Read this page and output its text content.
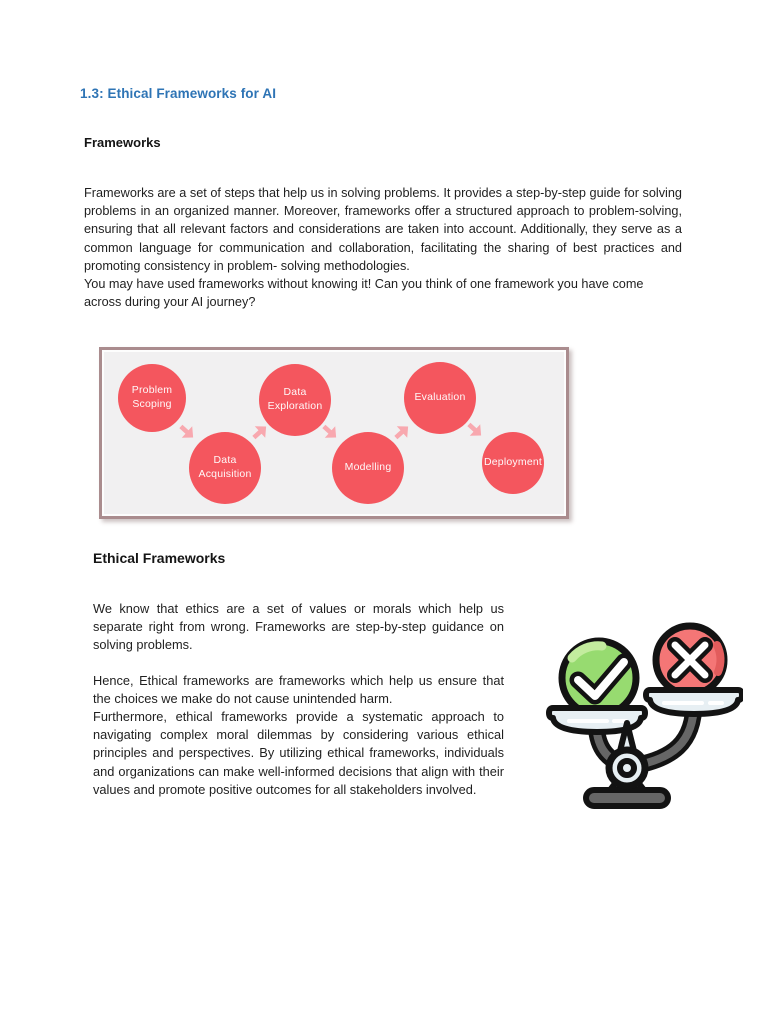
1.3: Ethical Frameworks for AI
Frameworks

Frameworks are a set of steps that help us in solving problems. It provides a step-by-step guide for solving problems in an organized manner. Moreover, frameworks offer a structured approach to problem-solving, ensuring that all relevant factors and considerations are taken into account. Additionally, they serve as a common language for communication and collaboration, facilitating the sharing of best practices and promoting consistency in problem- solving methodologies.

You may have used frameworks without knowing it! Can you think of one framework you have come across during your AI journey?

Problem Scoping
Data Acquisition
Data Exploration
Modelling
Evaluation
Deployment
Ethical Frameworks

We know that ethics are a set of values or morals which help us separate right from wrong. Frameworks are step-by-step guidance on solving problems.

Hence, Ethical frameworks are frameworks which help us ensure that the choices we make do not cause unintended harm.

Furthermore, ethical frameworks provide a systematic approach to navigating complex moral dilemmas by considering various ethical principles and perspectives. By utilizing ethical frameworks, individuals and organizations can make well-informed decisions that align with their values and promote positive outcomes for all stakeholders involved.
